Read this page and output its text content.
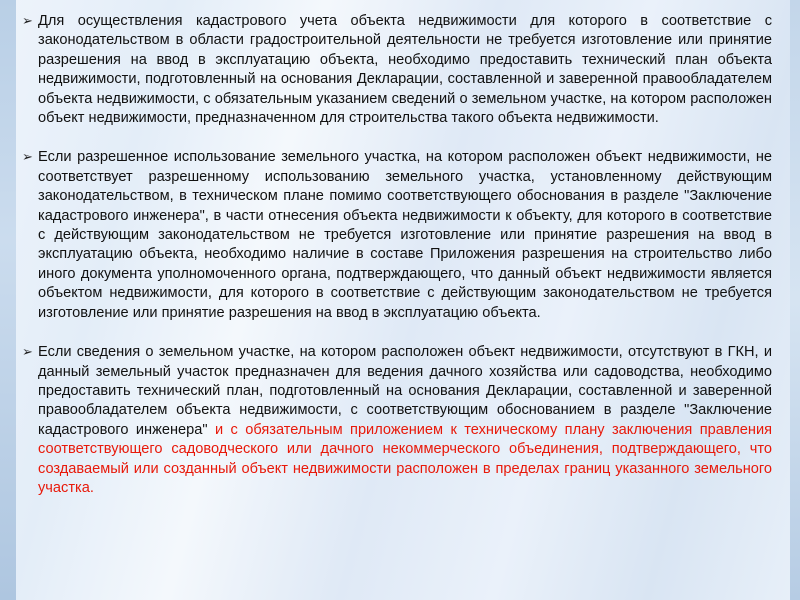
➢ Для осуществления кадастрового учета объекта недвижимости для которого в соответствие с законодательством в области градостроительной деятельности не требуется изготовление или принятие разрешения на ввод в эксплуатацию объекта, необходимо предоставить технический план объекта недвижимости, подготовленный на основания Декларации, составленной и заверенной правообладателем объекта недвижимости, с обязательным указанием сведений о земельном участке, на котором расположен объект недвижимости, предназначенном для строительства такого объекта недвижимости.
➢ Если разрешенное использование земельного участка, на котором расположен объект недвижимости, не соответствует разрешенному использованию земельного участка, установленному действующим законодательством, в техническом плане помимо соответствующего обоснования в разделе "Заключение кадастрового инженера", в части отнесения объекта недвижимости к объекту, для которого в соответствие с действующим законодательством не требуется изготовление или принятие разрешения на ввод в эксплуатацию объекта, необходимо наличие в составе Приложения разрешения на строительство либо иного документа уполномоченного органа, подтверждающего, что данный объект недвижимости является объектом недвижимости, для которого в соответствие с действующим законодательством не требуется изготовление или принятие разрешения на ввод в эксплуатацию объекта.
➢ Если сведения о земельном участке, на котором расположен объект недвижимости, отсутствуют в ГКН, и данный земельный участок предназначен для ведения дачного хозяйства или садоводства, необходимо предоставить технический план, подготовленный на основания Декларации, составленной и заверенной правообладателем объекта недвижимости, с соответствующим обоснованием в разделе "Заключение кадастрового инженера" и с обязательным приложением к техническому плану заключения правления соответствующего садоводческого или дачного некоммерческого объединения, подтверждающего, что создаваемый или созданный объект недвижимости расположен в пределах границ указанного земельного участка.
